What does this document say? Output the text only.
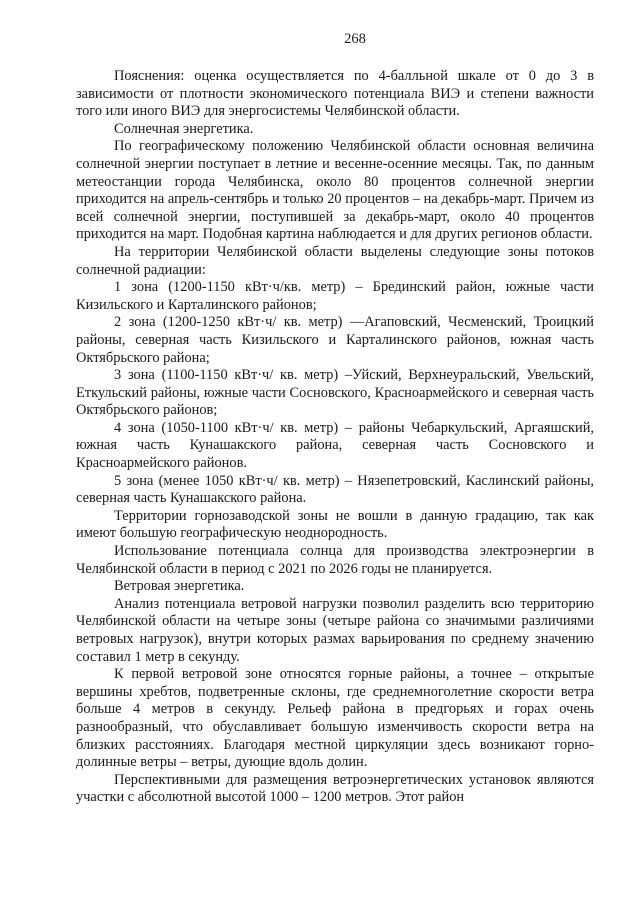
268

Пояснения: оценка осуществляется по 4-балльной шкале от 0 до 3 в зависимости от плотности экономического потенциала ВИЭ и степени важности того или иного ВИЭ для энергосистемы Челябинской области.

Солнечная энергетика.

По географическому положению Челябинской области основная величина солнечной энергии поступает в летние и весенне-осенние месяцы. Так, по данным метеостанции города Челябинска, около 80 процентов солнечной энергии приходится на апрель-сентябрь и только 20 процентов – на декабрь-март. Причем из всей солнечной энергии, поступившей за декабрь-март, около 40 процентов приходится на март. Подобная картина наблюдается и для других регионов области.

На территории Челябинской области выделены следующие зоны потоков солнечной радиации:

1 зона (1200-1150 кВт·ч/кв. метр) – Брединский район, южные части Кизильского и Карталинского районов;

2 зона (1200-1250 кВт·ч/ кв. метр) —Агаповский, Чесменский, Троицкий районы, северная часть Кизильского и Карталинского районов, южная часть Октябрьского района;

3 зона (1100-1150 кВт·ч/ кв. метр) –Уйский, Верхнеуральский, Увельский, Еткульский районы, южные части Сосновского, Красноармейского и северная часть Октябрьского районов;

4 зона (1050-1100 кВт·ч/ кв. метр) – районы Чебаркульский, Аргаяшский, южная часть Кунашакского района, северная часть Сосновского и Красноармейского районов.

5 зона (менее 1050 кВт·ч/ кв. метр) – Нязепетровский, Каслинский районы, северная часть Кунашакского района.

Территории горнозаводской зоны не вошли в данную градацию, так как имеют большую географическую неоднородность.

Использование потенциала солнца для производства электроэнергии в Челябинской области в период с 2021 по 2026 годы не планируется.

Ветровая энергетика.

Анализ потенциала ветровой нагрузки позволил разделить всю территорию Челябинской области на четыре зоны (четыре района со значимыми различиями ветровых нагрузок), внутри которых размах варьирования по среднему значению составил 1 метр в секунду.

К первой ветровой зоне относятся горные районы, а точнее – открытые вершины хребтов, подветренные склоны, где среднемноголетние скорости ветра больше 4 метров в секунду. Рельеф района в предгорьях и горах очень разнообразный, что обуславливает большую изменчивость скорости ветра на близких расстояниях. Благодаря местной циркуляции здесь возникают горно-долинные ветры – ветры, дующие вдоль долин.

Перспективными для размещения ветроэнергетических установок являются участки с абсолютной высотой 1000 – 1200 метров. Этот район
